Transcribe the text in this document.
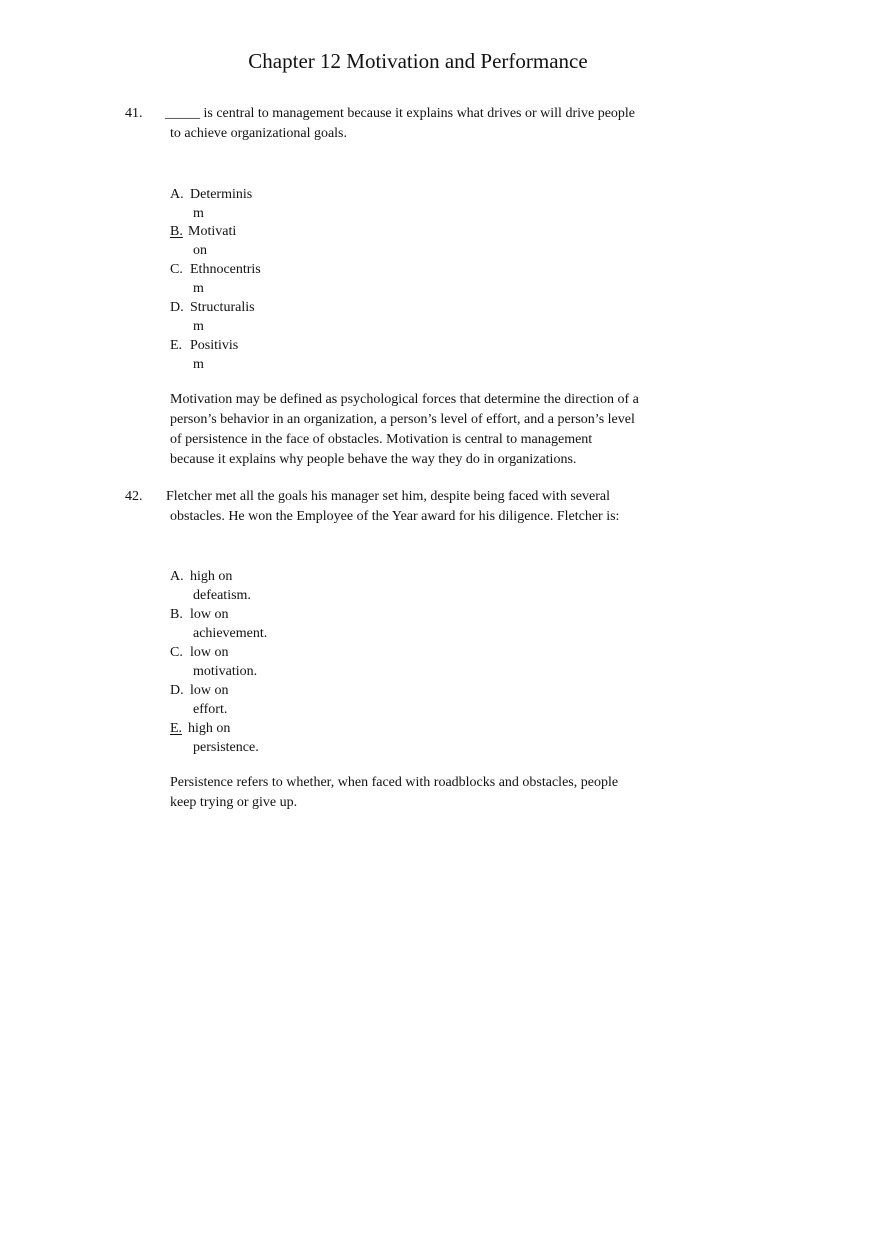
Chapter 12 Motivation and Performance
41. _____ is central to management because it explains what drives or will drive people
to achieve organizational goals.
A. Determinis
m
B. Motivati
on
C. Ethnocentris
m
D. Structuralis
m
E. Positivis
m
Motivation may be defined as psychological forces that determine the direction of a
person’s behavior in an organization, a person’s level of effort, and a person’s level
of persistence in the face of obstacles. Motivation is central to management
because it explains why people behave the way they do in organizations.
42. Fletcher met all the goals his manager set him, despite being faced with several
obstacles. He won the Employee of the Year award for his diligence. Fletcher is:
A. high on
defeatism.
B. low on
achievement.
C. low on
motivation.
D. low on
effort.
E. high on
persistence.
Persistence refers to whether, when faced with roadblocks and obstacles, people
keep trying or give up.
